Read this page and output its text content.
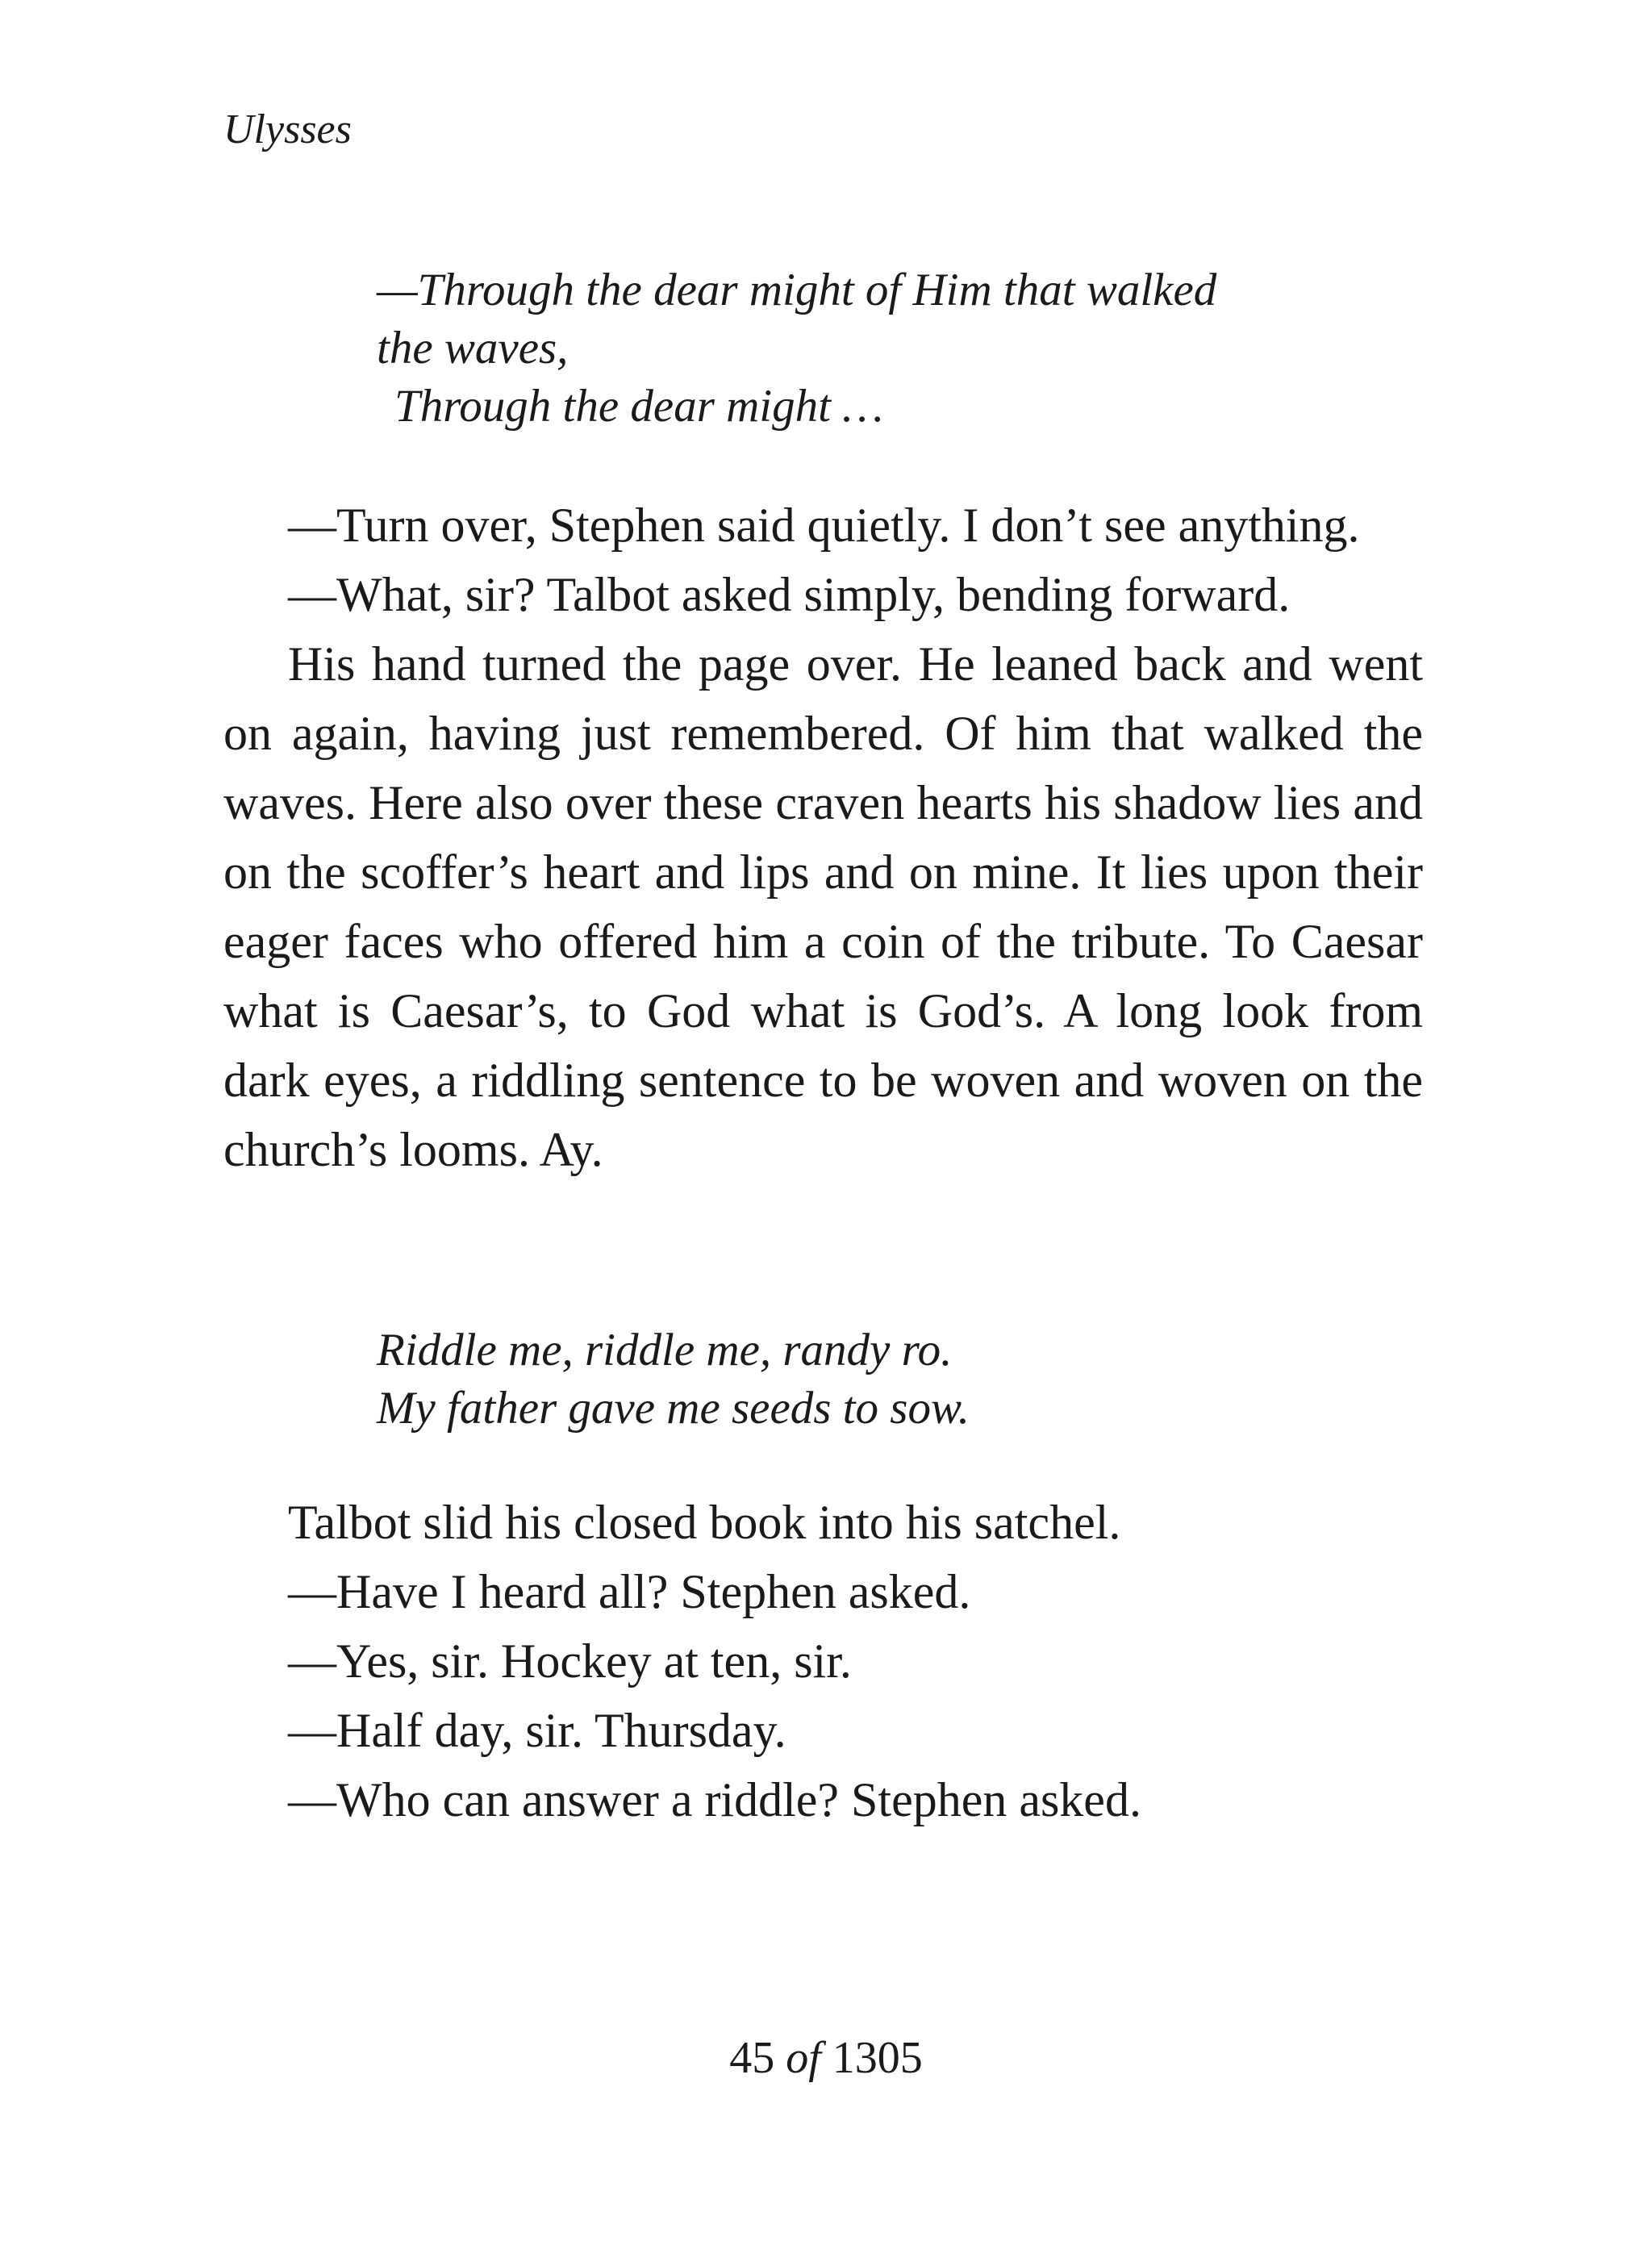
Ulysses
—Through the dear might of Him that walked
the waves,
Through the dear might …

—Turn over, Stephen said quietly. I don’t see anything.

—What, sir? Talbot asked simply, bending forward.

His hand turned the page over. He leaned back and went on again, having just remembered. Of him that walked the waves. Here also over these craven hearts his shadow lies and on the scoffer’s heart and lips and on mine. It lies upon their eager faces who offered him a coin of the tribute. To Caesar what is Caesar’s, to God what is God’s. A long look from dark eyes, a riddling sentence to be woven and woven on the church’s looms. Ay.

Riddle me, riddle me, randy ro.
My father gave me seeds to sow.

Talbot slid his closed book into his satchel.

—Have I heard all? Stephen asked.

—Yes, sir. Hockey at ten, sir.

—Half day, sir. Thursday.

—Who can answer a riddle? Stephen asked.

45 of 1305
